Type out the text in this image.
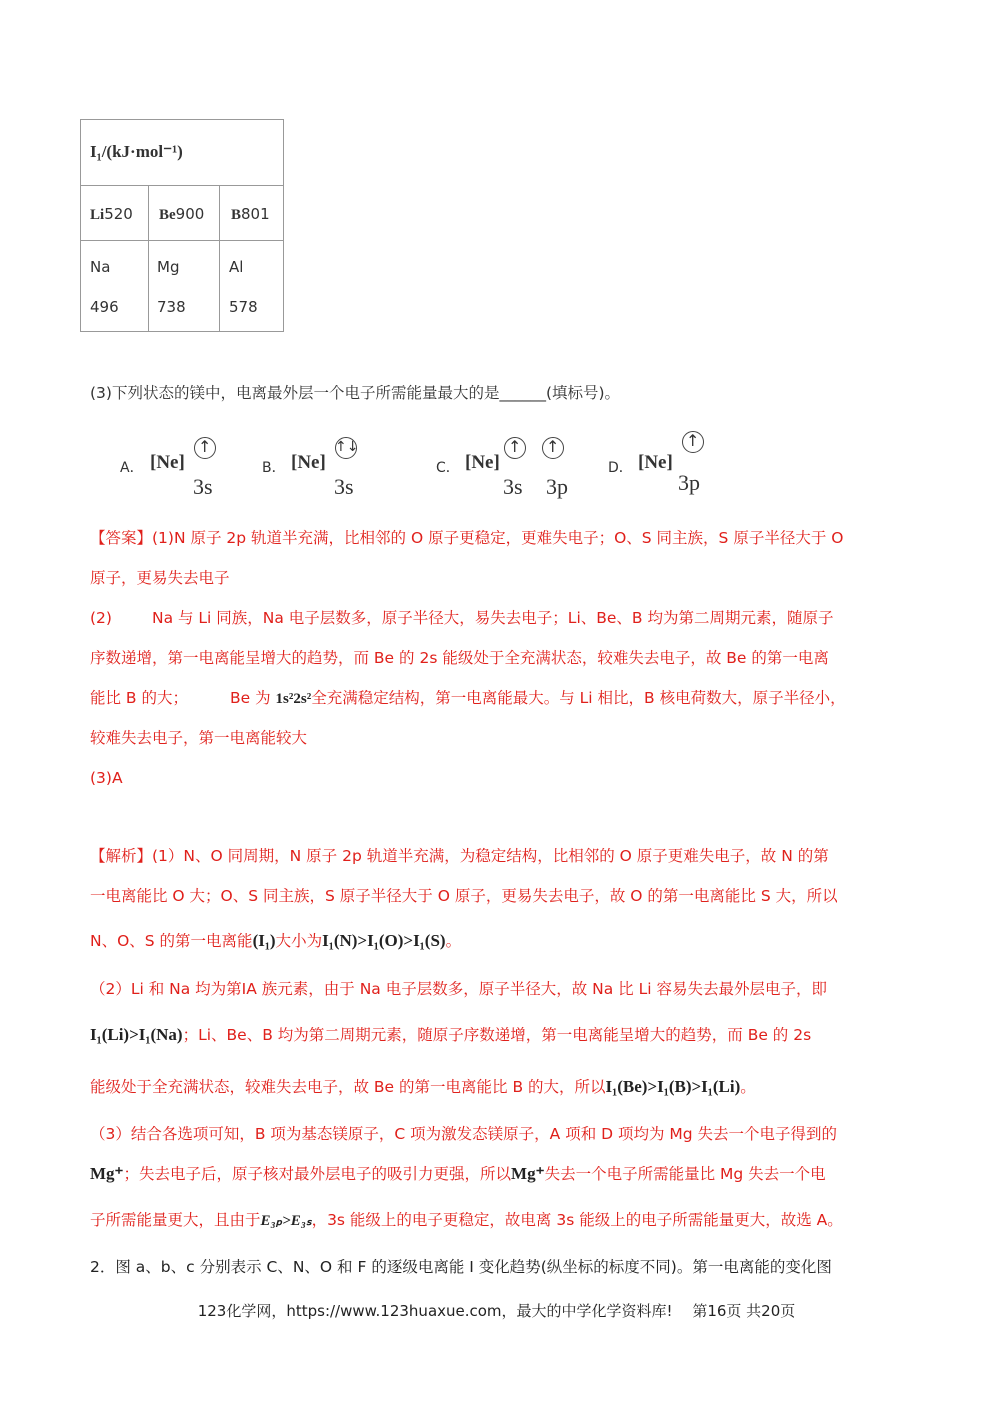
I₁/(kJ·mol⁻¹)
Li520 Be900 B801
Na
496
Mg
738
Al
578
(3)下列状态的镁中，电离最外层一个电子所需能量最大的是______(填标号)。
A． [Ne]
↑
3s
B． [Ne]
↑↓
3s
C． [Ne]
↑
3s
↑
3p
D． [Ne]
↑
3p
【答案】(1)N 原子 2p 轨道半充满，比相邻的 O 原子更稳定，更难失电子；O、S 同主族，S 原子半径大于 O
原子，更易失去电子
(2)	Na 与 Li 同族，Na 电子层数多，原子半径大，易失去电子；Li、Be、B 均为第二周期元素，随原子
序数递增，第一电离能呈增大的趋势，而 Be 的 2s 能级处于全充满状态，较难失去电子，故 Be 的第一电离
能比 B 的大；	Be 为 1s²2s²全充满稳定结构，第一电离能最大。与 Li 相比，B 核电荷数大，原子半径小，
较难失去电子，第一电离能较大
(3)A
【解析】(1）N、O 同周期，N 原子 2p 轨道半充满，为稳定结构，比相邻的 O 原子更难失电子，故 N 的第
一电离能比 O 大；O、S 同主族，S 原子半径大于 O 原子，更易失去电子，故 O 的第一电离能比 S 大，所以
N、O、S 的第一电离能(I₁)大小为I₁(N)>I₁(O)>I₁(S)。
（2）Li 和 Na 均为第ⅠA 族元素，由于 Na 电子层数多，原子半径大，故 Na 比 Li 容易失去最外层电子，即
I₁(Li)>I₁(Na)；Li、Be、B 均为第二周期元素，随原子序数递增，第一电离能呈增大的趋势，而 Be 的 2s
能级处于全充满状态，较难失去电子，故 Be 的第一电离能比 B 的大，所以I₁(Be)>I₁(B)>I₁(Li)。
（3）结合各选项可知，B 项为基态镁原子，C 项为激发态镁原子，A 项和 D 项均为 Mg 失去一个电子得到的
Mg⁺；失去电子后，原子核对最外层电子的吸引力更强，所以Mg⁺失去一个电子所需能量比 Mg 失去一个电
子所需能量更大，且由于E₃ₚ>E₃ₛ，3s 能级上的电子更稳定，故电离 3s 能级上的电子所需能量更大，故选 A。
2．图 a、b、c 分别表示 C、N、O 和 F 的逐级电离能 I 变化趋势(纵坐标的标度不同)。第一电离能的变化图
123化学网，https://www.123huaxue.com，最大的中学化学资料库!　 第16页 共20页
